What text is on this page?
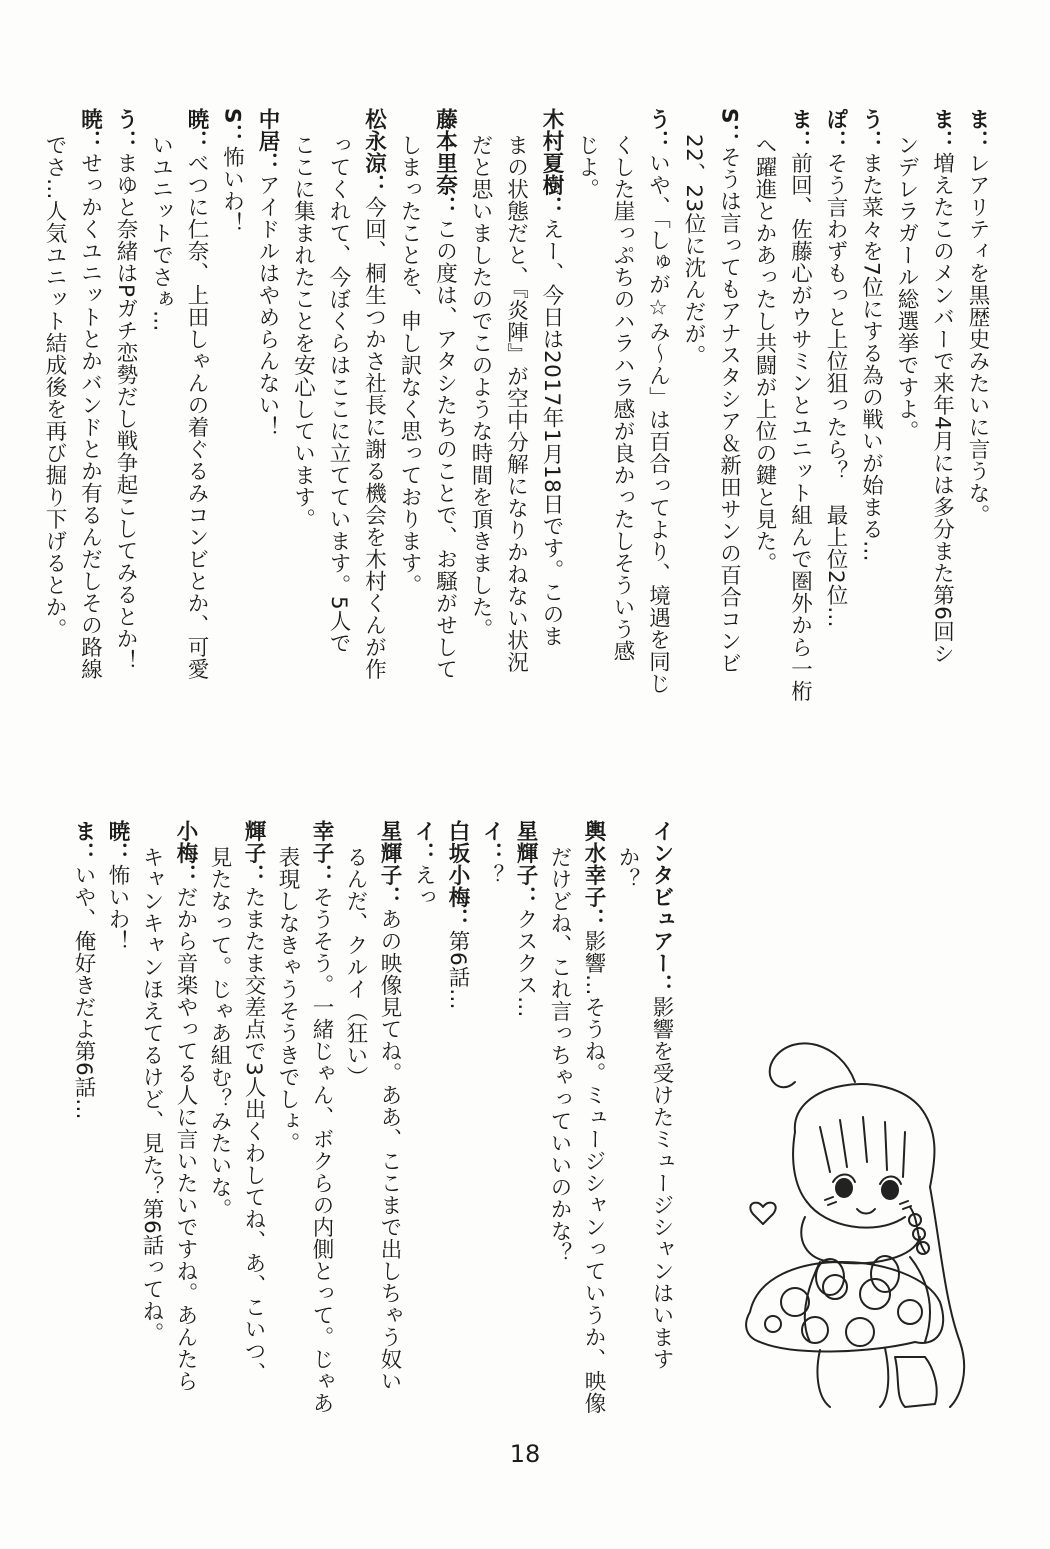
ま：レアリティを黒歴史みたいに言うな。
ま：増えたこのメンバーで来年4月には多分また第6回シ
ンデレラガール総選挙ですよ。
う：また菜々を7位にする為の戦いが始まる…
ぽ：そう言わずもっと上位狙ったら？　最上位2位…
ま：前回、佐藤心がウサミンとユニット組んで圏外から一桁
へ躍進とかあったし共闘が上位の鍵と見た。
S：そうは言ってもアナスタシア＆新田サンの百合コンビ
22、23位に沈んだが。
う：いや、「しゅが☆み～ん」は百合ってより、境遇を同じ
くした崖っぷちのハラハラ感が良かったしそういう感
じよ。
木村夏樹：えー、今日は2017年1月18日です。このま
まの状態だと、『炎陣』が空中分解になりかねない状況
だと思いましたのでこのような時間を頂きました。
藤本里奈：この度は、アタシたちのことで、お騒がせして
しまったことを、申し訳なく思っております。
松永涼：今回、桐生つかさ社長に謝る機会を木村くんが作
ってくれて、今ぼくらはここに立てています。5人で
ここに集まれたことを安心しています。
中居：アイドルはやめらんない！
S：怖いわ！
暁：べつに仁奈、上田しゃんの着ぐるみコンビとか、可愛
いユニットでさぁ…
う：まゆと奈緒はPガチ恋勢だし戦争起こしてみるとか！
暁：せっかくユニットとかバンドとか有るんだしその路線
でさ…人気ユニット結成後を再び掘り下げるとか。
インタビュアー：影響を受けたミュージシャンはいます
か？
輿水幸子：影響…そうね。ミュージシャンっていうか、映像
だけどね、これ言っちゃっていいのかな？
星輝子：クスクス…
イ：？
白坂小梅：第6話…
イ：えっ
星輝子：あの映像見てね。ああ、ここまで出しちゃう奴い
るんだ、クルイ（狂い）
幸子：そうそう。一緒じゃん、ボクらの内側とって。じゃあ
表現しなきゃうそうきでしょ。
輝子：たまたま交差点で3人出くわしてね、あ、こいつ、
見たなって。じゃあ組む？みたいな。
小梅：だから音楽やってる人に言いたいですね。あんたら
キャンキャンほえてるけど、見た？第6話ってね。
暁：怖いわ！
ま：いや、俺好きだよ第6話…
18
